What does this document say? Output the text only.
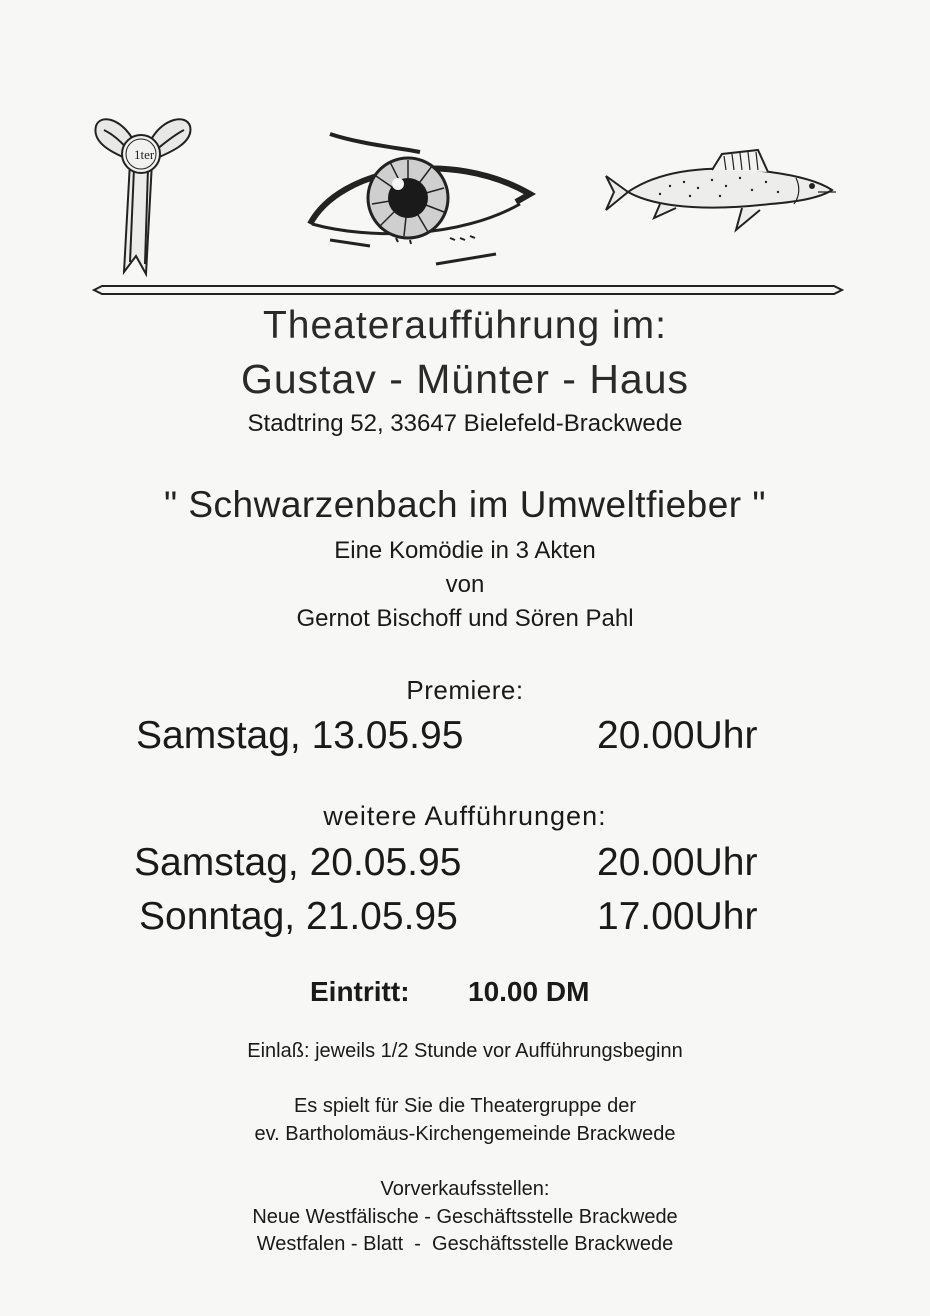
1ter
Theateraufführung im:
Gustav - Münter - Haus
Stadtring 52, 33647 Bielefeld-Brackwede
" Schwarzenbach im Umweltfieber "
Eine Komödie in 3 Akten
von
Gernot Bischoff und Sören Pahl
Premiere:
Samstag, 13.05.95	20.00Uhr
weitere Aufführungen:
Samstag, 20.05.95	20.00Uhr
Sonntag, 21.05.95	17.00Uhr
Eintritt: 10.00 DM
Einlaß: jeweils 1/2 Stunde vor Aufführungsbeginn
Es spielt für Sie die Theatergruppe der
ev. Bartholomäus-Kirchengemeinde Brackwede
Vorverkaufsstellen:
Neue Westfälische - Geschäftsstelle Brackwede
Westfalen - Blatt  -  Geschäftsstelle Brackwede
